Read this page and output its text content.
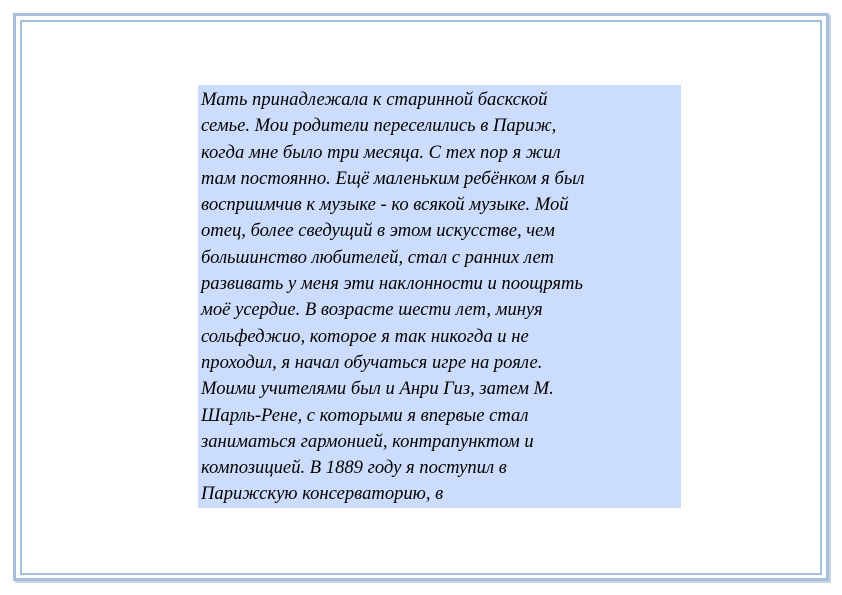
Мать принадлежала к старинной баскской
семье. Мои родители переселились в Париж,
когда мне было три месяца. С тех пор я жил
там постоянно. Ещё маленьким ребёнком я был
восприимчив к музыке - ко всякой музыке. Мой
отец, более сведущий в этом искусстве, чем
большинство любителей, стал с ранних лет
развивать у меня эти наклонности и поощрять
моё усердие. В возрасте шести лет, минуя
сольфеджио, которое я так никогда и не
проходил, я начал обучаться игре на рояле.
Моими учителями был и Анри Гиз, затем М.
Шарль-Рене, с которыми я впервые стал
заниматься гармонией, контрапунктом и
композицией. В 1889 году я поступил в
Парижскую консерваторию, в
